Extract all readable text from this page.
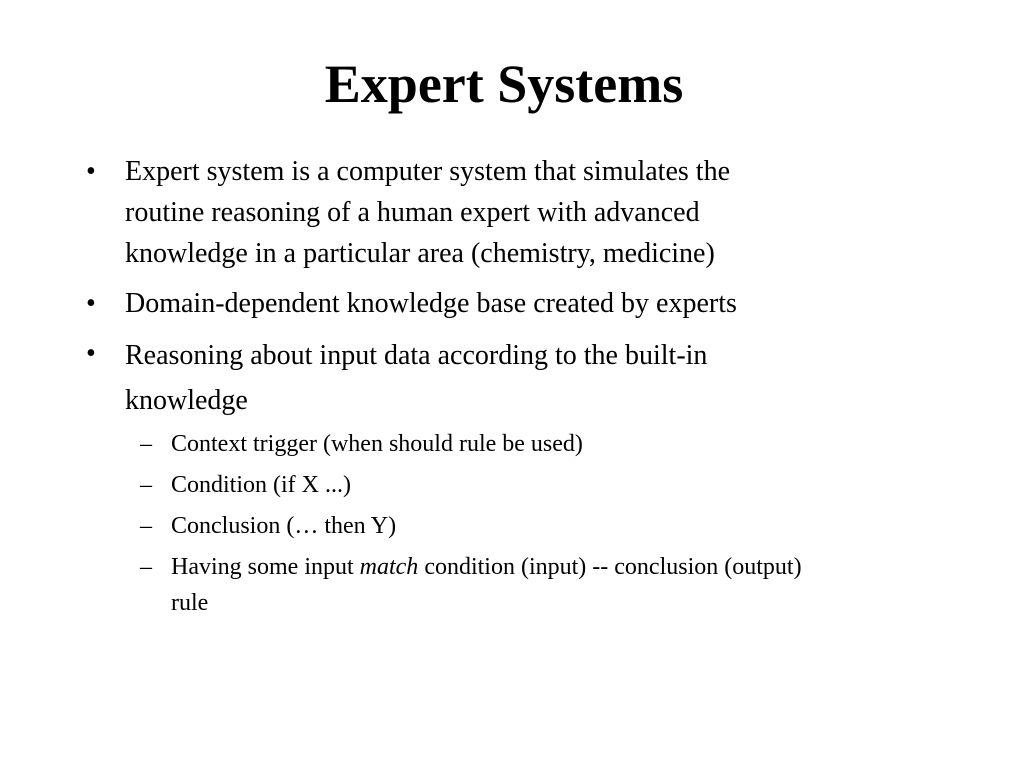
Expert Systems
• Expert system is a computer system that simulates the
routine reasoning of a human expert with advanced
knowledge in a particular area (chemistry, medicine)
• Domain-dependent knowledge base created by experts
• Reasoning about input data according to the built-in
knowledge
– Context trigger (when should rule be used)
– Condition (if X ...)
– Conclusion (… then Y)
– Having some input match condition (input) -- conclusion (output)
rule
